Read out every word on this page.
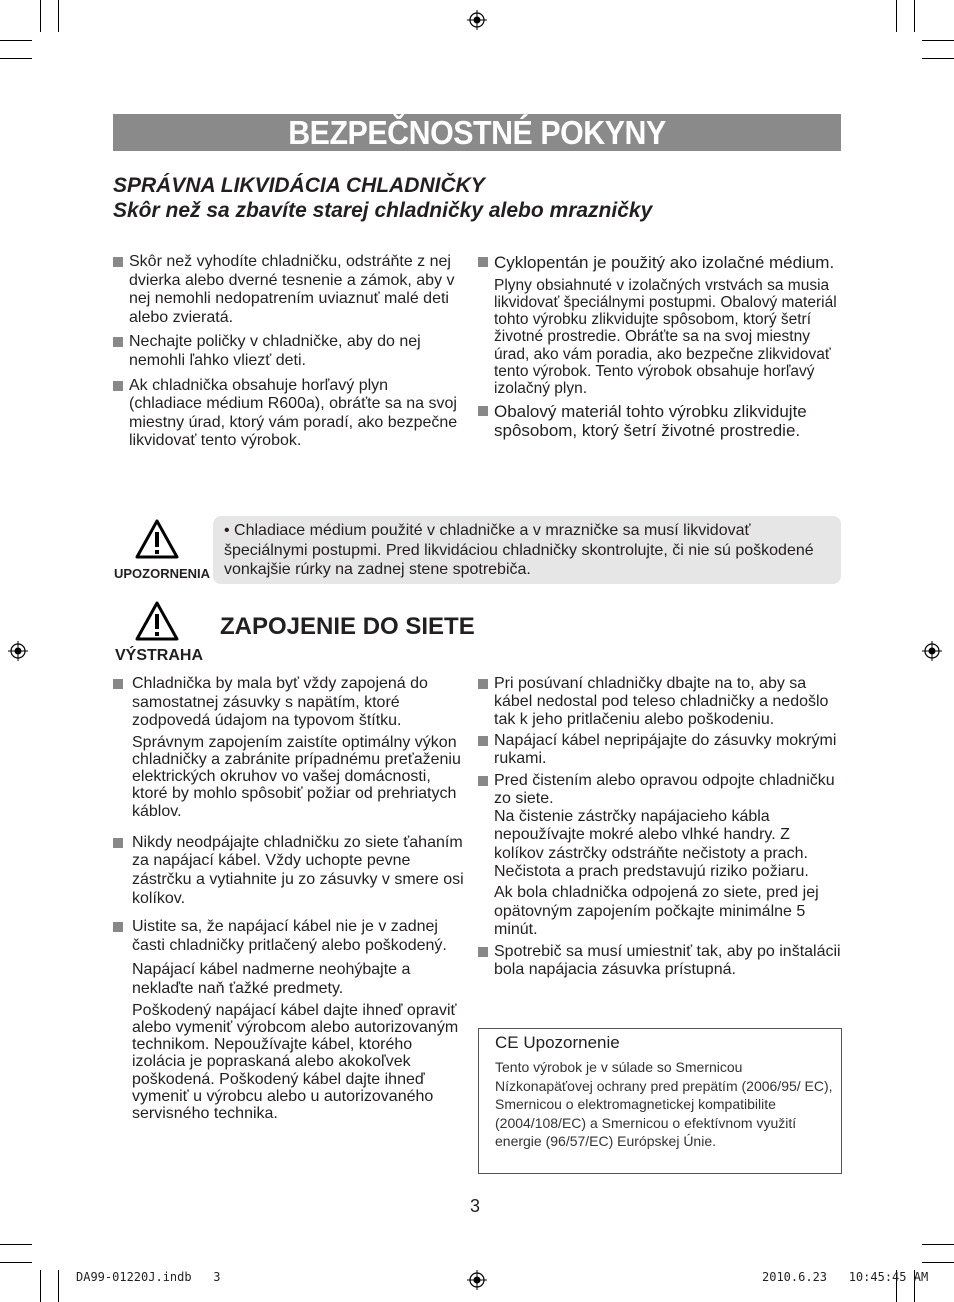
BEZPEČNOSTNÉ POKYNY
SPRÁVNA LIKVIDÁCIA CHLADNIČKY
Skôr než sa zbavíte starej chladničky alebo mrazničky

Skôr než vyhodíte chladničku, odstráňte z nej dvierka alebo dverné tesnenie a zámok, aby v nej nemohli nedopatrením uviaznuť malé deti alebo zvieratá.

Nechajte poličky v chladničke, aby do nej nemohli ľahko vliezť deti.

Ak chladnička obsahuje horľavý plyn (chladiace médium R600a), obráťte sa na svoj miestny úrad, ktorý vám poradí, ako bezpečne likvidovať tento výrobok.

Cyklopentán je použitý ako izolačné médium.

Plyny obsiahnuté v izolačných vrstvách sa musia likvidovať špeciálnymi postupmi. Obalový materiál tohto výrobku zlikvidujte spôsobom, ktorý šetrí životné prostredie. Obráťte sa na svoj miestny úrad, ako vám poradia, ako bezpečne zlikvidovať tento výrobok. Tento výrobok obsahuje horľavý izolačný plyn.

Obalový materiál tohto výrobku zlikvidujte spôsobom, ktorý šetrí životné prostredie.

UPOZORNENIA

• Chladiace médium použité v chladničke a v mrazničke sa musí likvidovať špeciálnymi postupmi. Pred likvidáciou chladničky skontrolujte, či nie sú poškodené vonkajšie rúrky na zadnej stene spotrebiča.

VÝSTRAHA
ZAPOJENIE DO SIETE

Chladnička by mala byť vždy zapojená do samostatnej zásuvky s napätím, ktoré zodpovedá údajom na typovom štítku.

Správnym zapojením zaistíte optimálny výkon chladničky a zabránite prípadnému preťaženiu elektrických okruhov vo vašej domácnosti, ktoré by mohlo spôsobiť požiar od prehriatych káblov.

Nikdy neodpájajte chladničku zo siete ťahaním za napájací kábel. Vždy uchopte pevne zástrčku a vytiahnite ju zo zásuvky v smere osi kolíkov.

Uistite sa, že napájací kábel nie je v zadnej časti chladničky pritlačený alebo poškodený.

Napájací kábel nadmerne neohýbajte a neklaďte naň ťažké predmety.

Poškodený napájací kábel dajte ihneď opraviť alebo vymeniť výrobcom alebo autorizovaným technikom. Nepoužívajte kábel, ktorého izolácia je popraskaná alebo akokoľvek poškodená. Poškodený kábel dajte ihneď vymeniť u výrobcu alebo u autorizovaného servisného technika.

Pri posúvaní chladničky dbajte na to, aby sa kábel nedostal pod teleso chladničky a nedošlo tak k jeho pritlačeniu alebo poškodeniu.

Napájací kábel nepripájajte do zásuvky mokrými rukami.

Pred čistením alebo opravou odpojte chladničku zo siete.

Na čistenie zástrčky napájacieho kábla nepoužívajte mokré alebo vlhké handry. Z kolíkov zástrčky odstráňte nečistoty a prach. Nečistota a prach predstavujú riziko požiaru.

Ak bola chladnička odpojená zo siete, pred jej opätovným zapojením počkajte minimálne 5 minút.

Spotrebič sa musí umiestniť tak, aby po inštalácii bola napájacia zásuvka prístupná.

CE Upozornenie
Tento výrobok je v súlade so Smernicou Nízkonapäťovej ochrany pred prepätím (2006/95/ EC), Smernicou o elektromagnetickej kompatibilite (2004/108/EC) a Smernicou o efektívnom využití energie (96/57/EC) Európskej Únie.
3
DA99-01220J.indb   3	2010.6.23   10:45:45 AM
